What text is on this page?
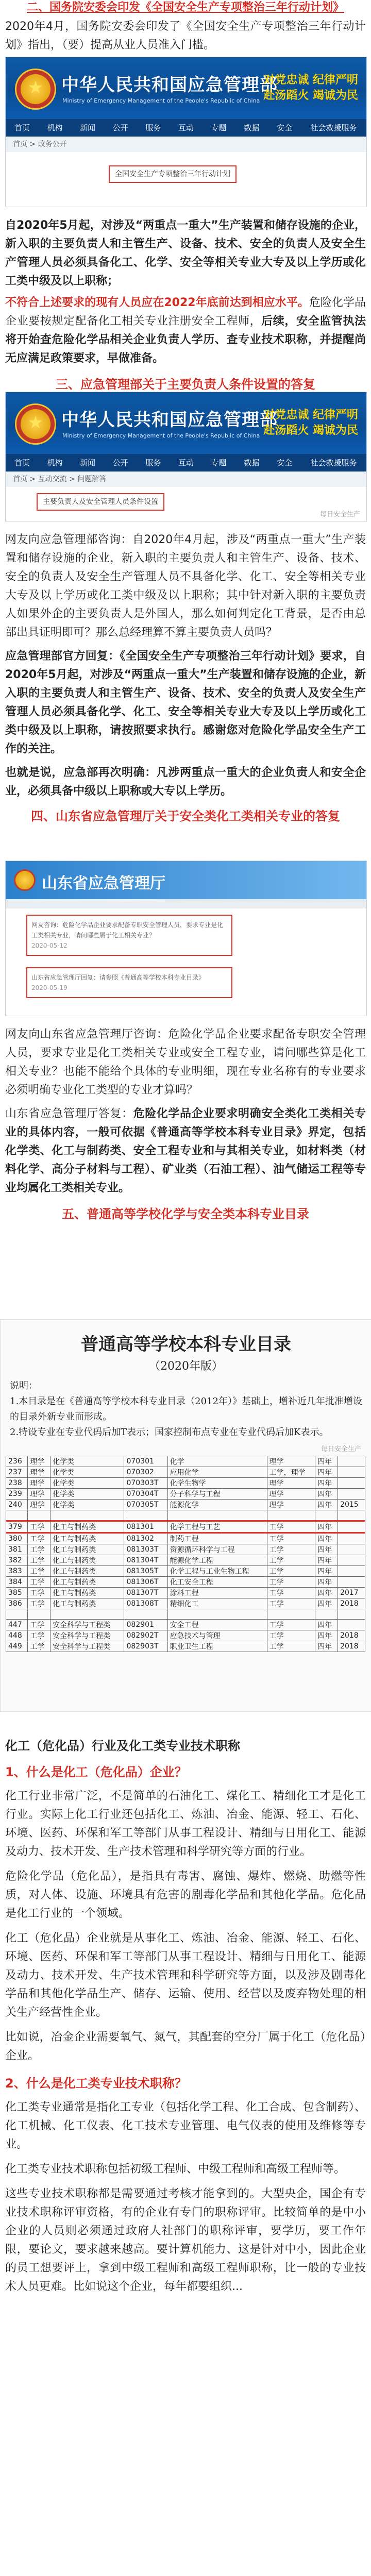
二、国务院安委会印发《全国安全生产专项整治三年行动计划》

2020年4月，国务院安委会印发了《全国安全生产专项整治三年行动计划》指出，（要）提高从业人员准入门槛。

★
中华人民共和国应急管理部
Ministry of Emergency Management of the People's Republic of China
对党忠诚 纪律严明
赴汤蹈火 竭诚为民
首页	机构	新闻	公开	服务	互动	专题	数据	安全	社会救援服务
首页 > 政务公开
全国安全生产专项整治三年行动计划

自2020年5月起，对涉及“两重点一重大”生产装置和储存设施的企业，新入职的主要负责人和主管生产、设备、技术、安全的负责人及安全生产管理人员必须具备化工、化学、安全等相关专业大专及以上学历或化工类中级及以上职称；

不符合上述要求的现有人员应在2022年底前达到相应水平。危险化学品企业要按规定配备化工相关专业注册安全工程师，后续，安全监管执法将开始查危险化学品相关企业负责人学历、查专业技术职称，并提醒尚无应满足政策要求，早做准备。

三、应急管理部关于主要负责人条件设置的答复

★
中华人民共和国应急管理部
Ministry of Emergency Management of the People's Republic of China
对党忠诚 纪律严明
赴汤蹈火 竭诚为民
首页	机构	新闻	公开	服务	互动	专题	数据	安全	社会救援服务
首页 > 互动交流 > 问题解答
主要负责人及安全管理人员条件设置
每日安全生产

网友向应急管理部咨询：自2020年4月起，涉及“两重点一重大”生产装置和储存设施的企业，新入职的主要负责人和主管生产、设备、技术、安全的负责人及安全生产管理人员不具备化学、化工、安全等相关专业大专及以上学历或化工类中级及以上职称；其中针对新入职的主要负责人如果外企的主要负责人是外国人，那么如何判定化工背景，是否由总部出具证明即可？那么总经理算不算主要负责人员吗？

应急管理部官方回复：《全国安全生产专项整治三年行动计划》要求，自2020年5月起，对涉及“两重点一重大”生产装置和储存设施的企业，新入职的主要负责人和主管生产、设备、技术、安全的负责人及安全生产管理人员必须具备化学、化工、安全等相关专业大专及以上学历或化工类中级及以上职称，请按照要求执行。感谢您对危险化学品安全生产工作的关注。

也就是说，应急部再次明确：凡涉两重点一重大的企业负责人和安全企业，必须具备中级以上职称或大专以上学历。

四、山东省应急管理厅关于安全类化工类相关专业的答复

山东省应急管理厅
网友咨询：危险化学品企业要求配备专职安全管理人员，要求专业是化工类相关专业，请问哪些属于化工相关专业？
2020-05-12
山东省应急管理厅回复：请参照《普通高等学校本科专业目录》
2020-05-19

网友向山东省应急管理厅咨询：危险化学品企业要求配备专职安全管理人员，要求专业是化工类相关专业或安全工程专业，请问哪些算是化工相关专业？也能不能给个具体的专业明细，现在专业名称有的专业要求必须明确专业化工类型的专业才算吗？

山东省应急管理厅答复：危险化学品企业要求明确安全类化工类相关专业的具体内容，一般可依据《普通高等学校本科专业目录》界定，包括化学类、化工与制药类、安全工程专业和与其相关专业，如材料类（材料化学、高分子材料与工程）、矿业类（石油工程）、油气储运工程等专业均属化工类相关专业。

五、普通高等学校化学与安全类本科专业目录

普通高等学校本科专业目录

（2020年版）

说明：

1.本目录是在《普通高等学校本科专业目录（2012年）》基础上，增补近几年批准增设的目录外新专业而形成。

2.特设专业在专业代码后加T表示；国家控制布点专业在专业代码后加K表示。

每日安全生产
236	理学	化学类	070301	化学	理学	四年	
237	理学	化学类	070302	应用化学	工学，理学	四年	
238	理学	化学类	070303T	化学生物学	理学	四年	
239	理学	化学类	070304T	分子科学与工程	理学	四年	
240	理学	化学类	070305T	能源化学	理学	四年	2015

379	工学	化工与制药类	081301	化学工程与工艺	工学	四年	
380	工学	化工与制药类	081302	制药工程	工学	四年	
381	工学	化工与制药类	081303T	资源循环科学与工程	工学	四年	
382	工学	化工与制药类	081304T	能源化学工程	工学	四年	
383	工学	化工与制药类	081305T	化学工程与工业生物工程	工学	四年	
384	工学	化工与制药类	081306T	化工安全工程	工学	四年	
385	工学	化工与制药类	081307T	涂料工程	工学	四年	2017
386	工学	化工与制药类	081308T	精细化工	工学	四年	2018

447	工学	安全科学与工程类	082901	安全工程	工学	四年	
448	工学	安全科学与工程类	082902T	应急技术与管理	工学	四年	2018
449	工学	安全科学与工程类	082903T	职业卫生工程	工学	四年	2018

化工（危化品）行业及化工类专业技术职称

1、什么是化工（危化品）企业？

化工行业非常广泛，不是简单的石油化工、煤化工、精细化工才是化工行业。实际上化工行业还包括化工、炼油、冶金、能源、轻工、石化、环境、医药、环保和军工等部门从事工程设计、精细与日用化工、能源及动力、技术开发、生产技术管理和科学研究等方面的行业。

危险化学品（危化品），是指具有毒害、腐蚀、爆炸、燃烧、助燃等性质，对人体、设施、环境具有危害的剧毒化学品和其他化学品。危化品是化工行业的一个领域。

化工（危化品）企业就是从事化工、炼油、冶金、能源、轻工、石化、环境、医药、环保和军工等部门从事工程设计、精细与日用化工、能源及动力、技术开发、生产技术管理和科学研究等方面，以及涉及剧毒化学品和其他化学品生产、储存、运输、使用、经营以及废弃物处理的相关生产经营性企业。

比如说，冶金企业需要氧气、氮气，其配套的空分厂属于化工（危化品）企业。

2、什么是化工类专业技术职称？

化工类专业通常是指化工专业（包括化学工程、化工合成、包含制药）、化工机械、化工仪表、化工技术专业管理、电气仪表的使用及维修等专业。

化工类专业技术职称包括初级工程师、中级工程师和高级工程师等。

这些专业技术职称都是需要通过考核才能拿到的。大型央企，国企有专业技术职称评审资格，有的企业有专门的职称评审。比较简单的是中小企业的人员则必须通过政府人社部门的职称评审，要学历，要工作年限，要论文，要求越来越高。要计算机能力、这是针对中小，因此企业的员工想要评上，拿到中级工程师和高级工程师职称，比一般的专业技术人员更难。比如说这个企业，每年都要组织...
